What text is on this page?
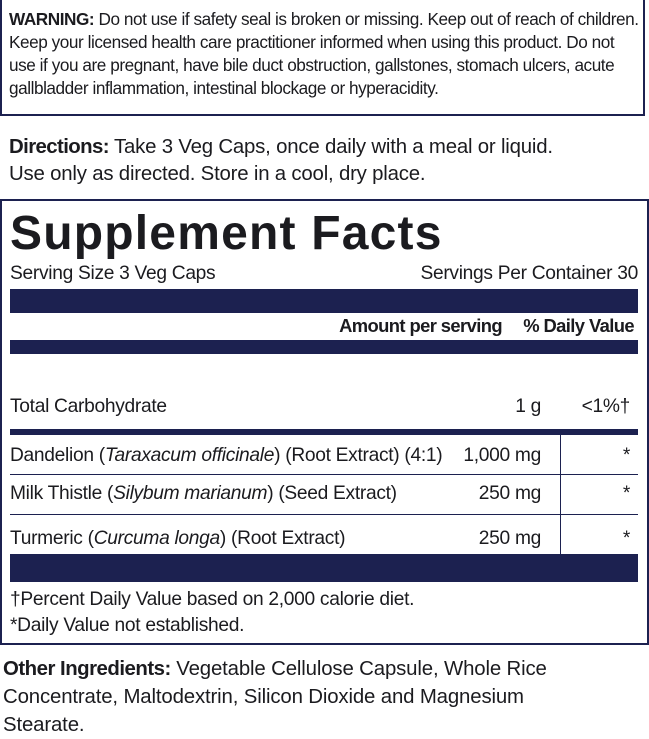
WARNING: Do not use if safety seal is broken or missing. Keep out of reach of children.
Keep your licensed health care practitioner informed when using this product. Do not
use if you are pregnant, have bile duct obstruction, gallstones, stomach ulcers, acute
gallbladder inflammation, intestinal blockage or hyperacidity.
Directions: Take 3 Veg Caps, once daily with a meal or liquid.
Use only as directed. Store in a cool, dry place.
Supplement Facts
Serving Size 3 Veg Caps	Servings Per Container 30
Amount per serving % Daily Value
Total Carbohydrate	1 g <1%†
Dandelion (Taraxacum officinale) (Root Extract) (4:1) 1,000 mg	*
Milk Thistle (Silybum marianum) (Seed Extract)	250 mg	*
Turmeric (Curcuma longa) (Root Extract)	250 mg	*
†Percent Daily Value based on 2,000 calorie diet.
*Daily Value not established.
Other Ingredients: Vegetable Cellulose Capsule, Whole Rice
Concentrate, Maltodextrin, Silicon Dioxide and Magnesium
Stearate.
